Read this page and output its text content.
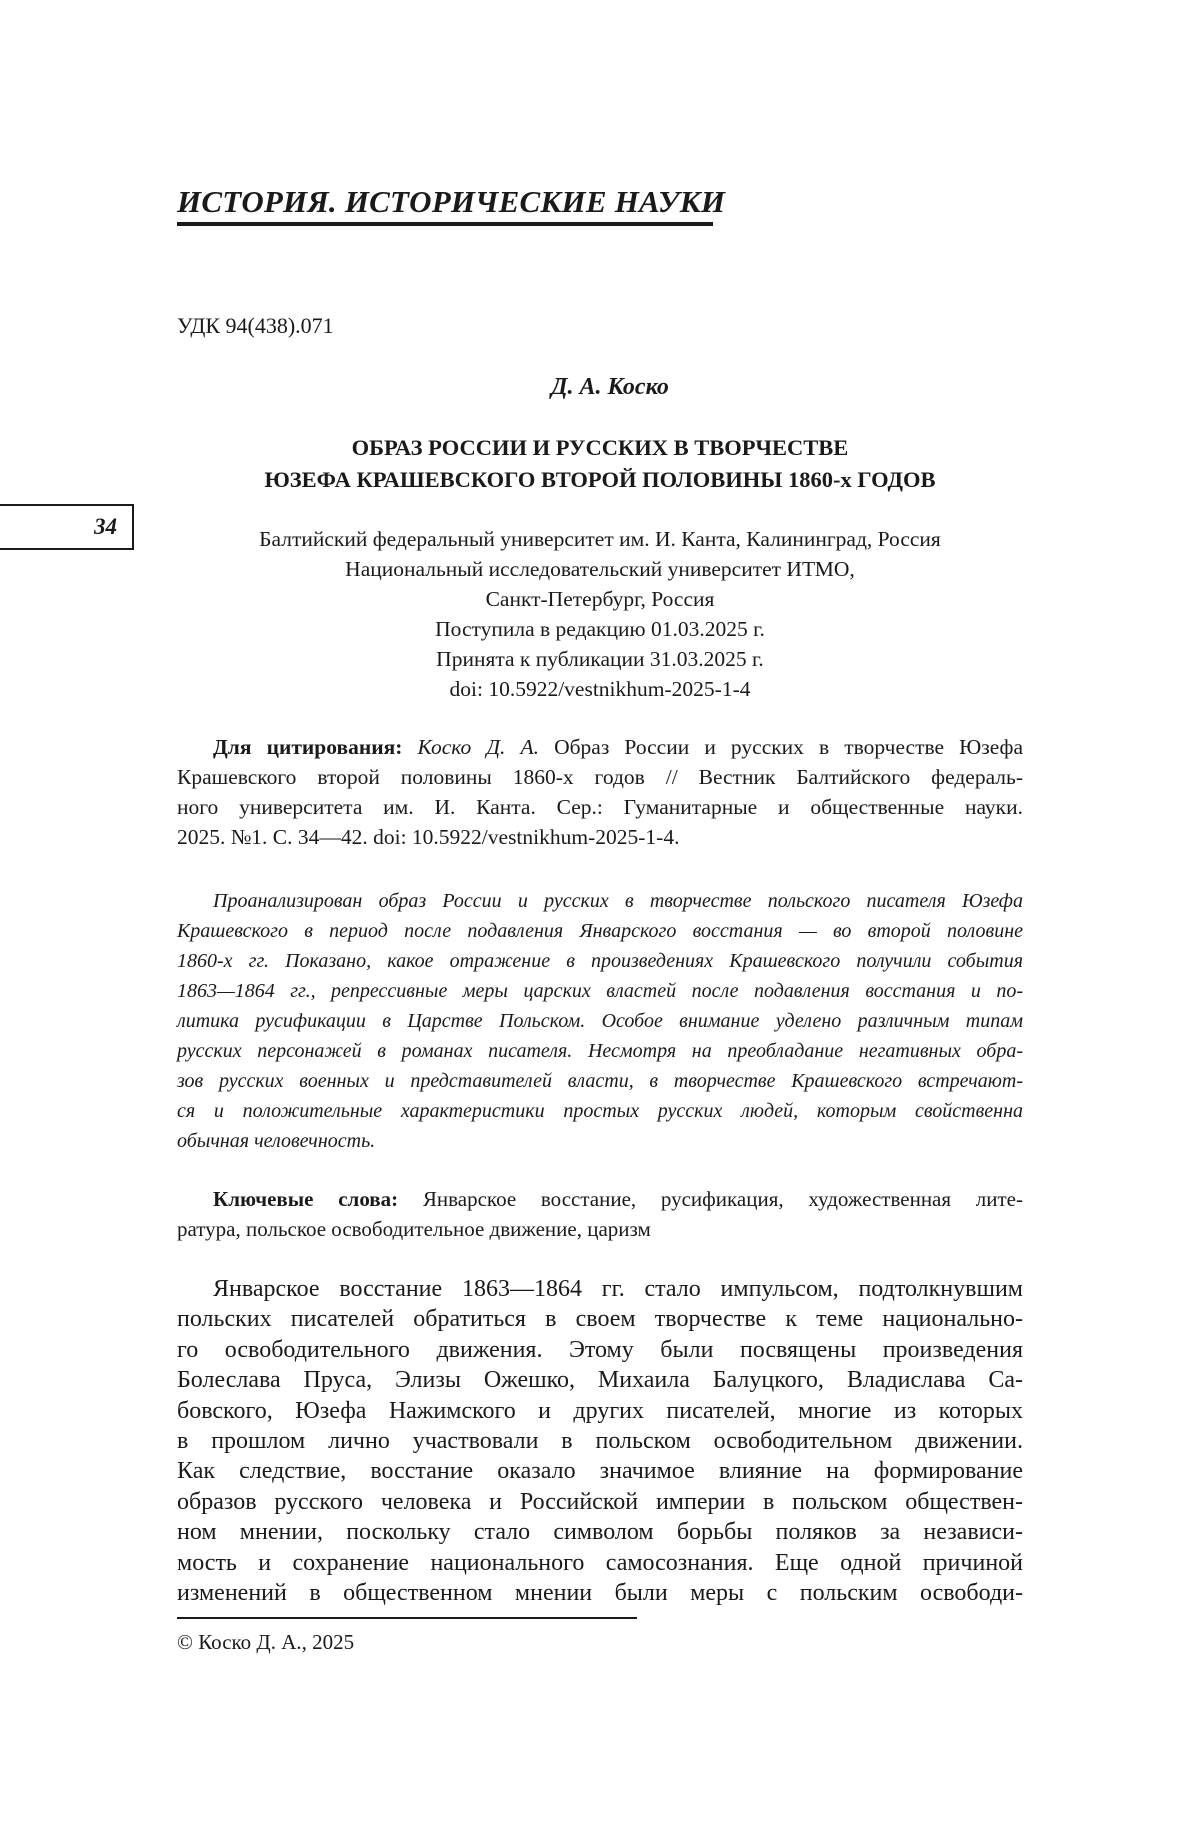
ИСТОРИЯ. ИСТОРИЧЕСКИЕ НАУКИ
УДК 94(438).071
Д. А. Коско
ОБРАЗ РОССИИ И РУССКИХ В ТВОРЧЕСТВЕ
ЮЗЕФА КРАШЕВСКОГО ВТОРОЙ ПОЛОВИНЫ 1860-х ГОДОВ
34	Балтийский федеральный университет им. И. Канта, Калининград, Россия
Национальный исследовательский университет ИТМО,
Санкт-Петербург, Россия
Поступила в редакцию 01.03.2025 г.
Принята к публикации 31.03.2025 г.
doi: 10.5922/vestnikhum-2025-1-4
Для цитирования: Коско Д. А. Образ России и русских в творчестве Юзефа
Крашевского второй половины 1860-х годов // Вестник Балтийского федераль-
ного университета им. И. Канта. Сер.: Гуманитарные и общественные науки.
2025. №1. С. 34—42. doi: 10.5922/vestnikhum-2025-1-4.
Проанализирован образ России и русских в творчестве польского писателя Юзефа
Крашевского в период после подавления Январского восстания — во второй половине
1860-х гг. Показано, какое отражение в произведениях Крашевского получили события
1863—1864 гг., репрессивные меры царских властей после подавления восстания и по-
литика русификации в Царстве Польском. Особое внимание уделено различным типам
русских персонажей в романах писателя. Несмотря на преобладание негативных обра-
зов русских военных и представителей власти, в творчестве Крашевского встречают-
ся и положительные характеристики простых русских людей, которым свойственна
обычная человечность.
Ключевые слова: Январское восстание, русификация, художественная лите-
ратура, польское освободительное движение, царизм
Январское восстание 1863—1864 гг. стало импульсом, подтолкнувшим
польских писателей обратиться в своем творчестве к теме национально-
го освободительного движения. Этому были посвящены произведения
Болеслава Пруса, Элизы Ожешко, Михаила Балуцкого, Владислава Са-
бовского, Юзефа Нажимского и других писателей, многие из которых
в прошлом лично участвовали в польском освободительном движении.
Как следствие, восстание оказало значимое влияние на формирование
образов русского человека и Российской империи в польском обществен-
ном мнении, поскольку стало символом борьбы поляков за независи-
мость и сохранение национального самосознания. Еще одной причиной
изменений в общественном мнении были меры с польским освободи-
© Коско Д. А., 2025
